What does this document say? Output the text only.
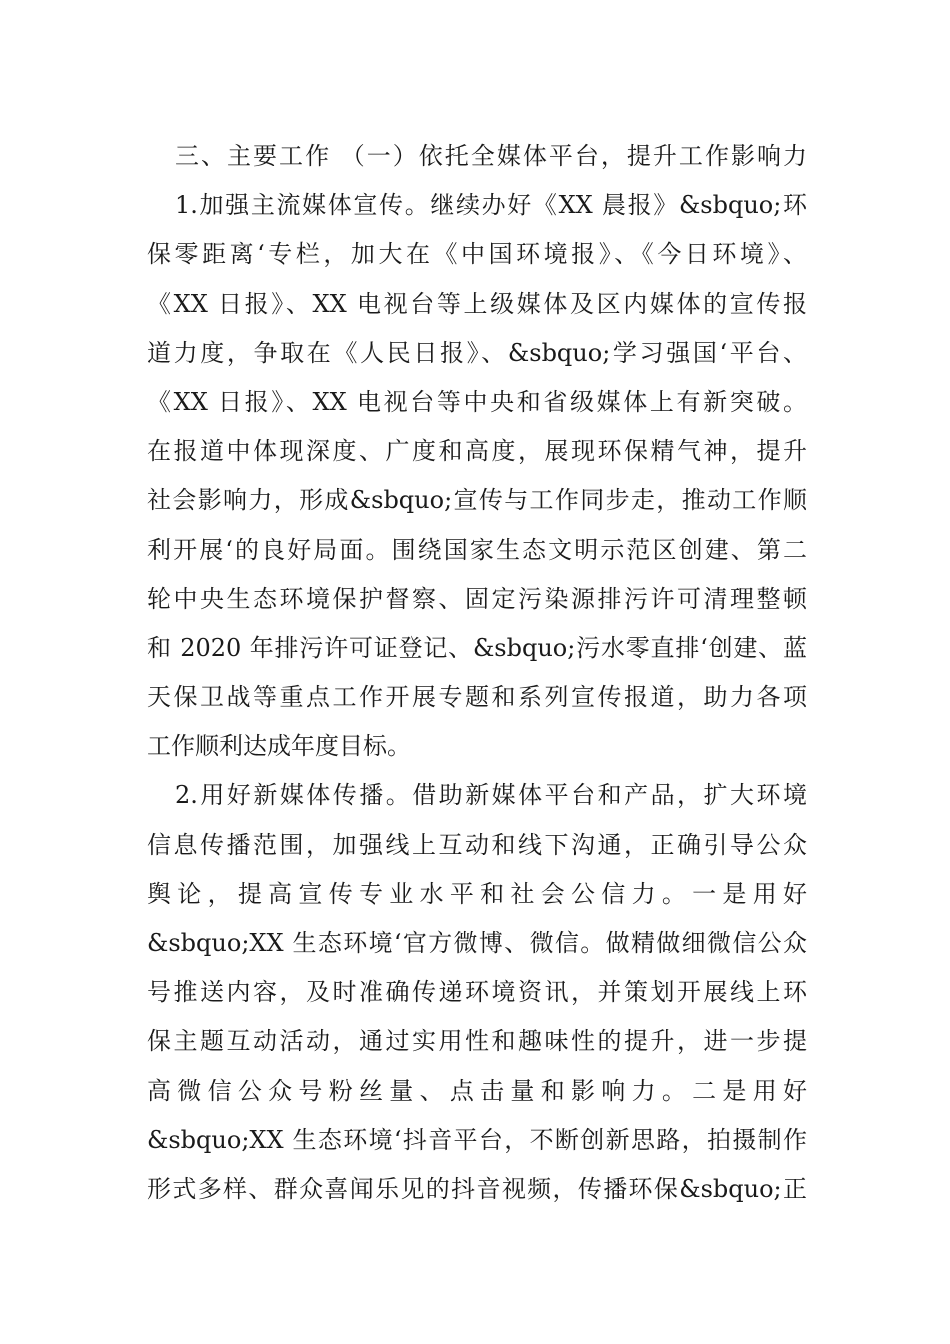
三、主要工作 （一）依托全媒体平台，提升工作影响力
1.加强主流媒体宣传。继续办好《XX 晨报》&sbquo;环
保零距离‘专栏，加大在《中国环境报》、《今日环境》、
《XX 日报》、XX 电视台等上级媒体及区内媒体的宣传报
道力度，争取在《人民日报》、&sbquo;学习强国‘平台、
《XX 日报》、XX 电视台等中央和省级媒体上有新突破。
在报道中体现深度、广度和高度，展现环保精气神，提升
社会影响力，形成&sbquo;宣传与工作同步走，推动工作顺
利开展‘的良好局面。围绕国家生态文明示范区创建、第二
轮中央生态环境保护督察、固定污染源排污许可清理整顿
和 2020 年排污许可证登记、&sbquo;污水零直排‘创建、蓝
天保卫战等重点工作开展专题和系列宣传报道，助力各项
工作顺利达成年度目标。
2.用好新媒体传播。借助新媒体平台和产品，扩大环境
信息传播范围，加强线上互动和线下沟通，正确引导公众
舆论，提高宣传专业水平和社会公信力。一是用好
&sbquo;XX 生态环境‘官方微博、微信。做精做细微信公众
号推送内容，及时准确传递环境资讯，并策划开展线上环
保主题互动活动，通过实用性和趣味性的提升，进一步提
高微信公众号粉丝量、点击量和影响力。二是用好
&sbquo;XX 生态环境‘抖音平台，不断创新思路，拍摄制作
形式多样、群众喜闻乐见的抖音视频，传播环保&sbquo;正
